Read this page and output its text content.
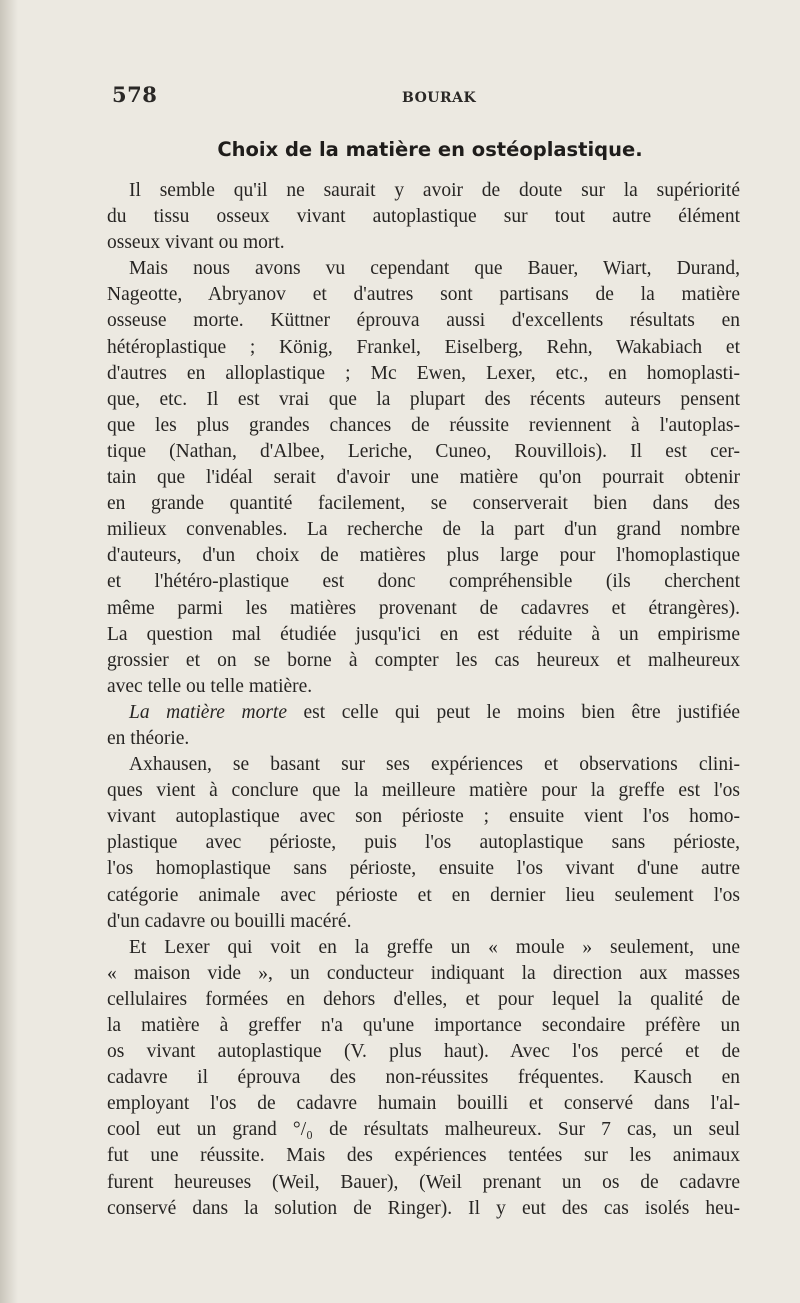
578	BOURAK
Choix de la matière en ostéoplastique.
Il semble qu'il ne saurait y avoir de doute sur la supériorité
du tissu osseux vivant autoplastique sur tout autre élément
osseux vivant ou mort.
Mais nous avons vu cependant que Bauer, Wiart, Durand,
Nageotte, Abryanov et d'autres sont partisans de la matière
osseuse morte. Küttner éprouva aussi d'excellents résultats en
hétéroplastique ; König, Frankel, Eiselberg, Rehn, Wakabiach et
d'autres en alloplastique ; Mc Ewen, Lexer, etc., en homoplasti-
que, etc. Il est vrai que la plupart des récents auteurs pensent
que les plus grandes chances de réussite reviennent à l'autoplas-
tique (Nathan, d'Albee, Leriche, Cuneo, Rouvillois). Il est cer-
tain que l'idéal serait d'avoir une matière qu'on pourrait obtenir
en grande quantité facilement, se conserverait bien dans des
milieux convenables. La recherche de la part d'un grand nombre
d'auteurs, d'un choix de matières plus large pour l'homoplastique
et l'hétéro-plastique est donc compréhensible (ils cherchent
même parmi les matières provenant de cadavres et étrangères).
La question mal étudiée jusqu'ici en est réduite à un empirisme
grossier et on se borne à compter les cas heureux et malheureux
avec telle ou telle matière.
La matière morte est celle qui peut le moins bien être justifiée
en théorie.
Axhausen, se basant sur ses expériences et observations clini-
ques vient à conclure que la meilleure matière pour la greffe est l'os
vivant autoplastique avec son périoste ; ensuite vient l'os homo-
plastique avec périoste, puis l'os autoplastique sans périoste,
l'os homoplastique sans périoste, ensuite l'os vivant d'une autre
catégorie animale avec périoste et en dernier lieu seulement l'os
d'un cadavre ou bouilli macéré.
Et Lexer qui voit en la greffe un « moule » seulement, une
« maison vide », un conducteur indiquant la direction aux masses
cellulaires formées en dehors d'elles, et pour lequel la qualité de
la matière à greffer n'a qu'une importance secondaire préfère un
os vivant autoplastique (V. plus haut). Avec l'os percé et de
cadavre il éprouva des non-réussites fréquentes. Kausch en
employant l'os de cadavre humain bouilli et conservé dans l'al-
cool eut un grand °/₀ de résultats malheureux. Sur 7 cas, un seul
fut une réussite. Mais des expériences tentées sur les animaux
furent heureuses (Weil, Bauer), (Weil prenant un os de cadavre
conservé dans la solution de Ringer). Il y eut des cas isolés heu-
